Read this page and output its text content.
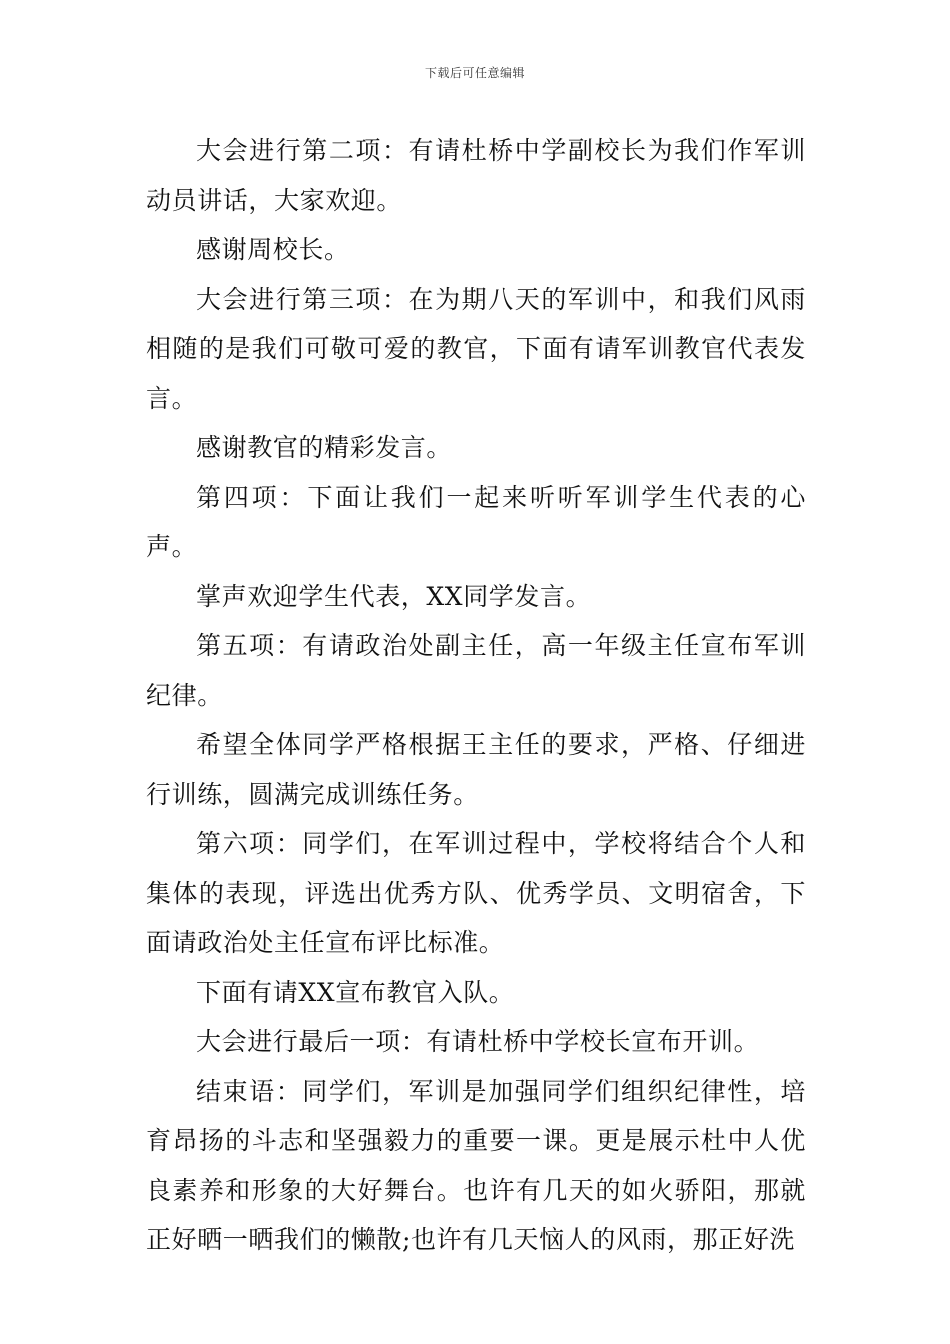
下载后可任意编辑

大会进行第二项：有请杜桥中学副校长为我们作军训动员讲话，大家欢迎。

感谢周校长。

大会进行第三项：在为期八天的军训中，和我们风雨相随的是我们可敬可爱的教官，下面有请军训教官代表发言。

感谢教官的精彩发言。

第四项：下面让我们一起来听听军训学生代表的心声。

掌声欢迎学生代表，XX同学发言。

第五项：有请政治处副主任，高一年级主任宣布军训纪律。

希望全体同学严格根据王主任的要求，严格、仔细进行训练，圆满完成训练任务。

第六项：同学们，在军训过程中，学校将结合个人和集体的表现，评选出优秀方队、优秀学员、文明宿舍，下面请政治处主任宣布评比标准。

下面有请XX宣布教官入队。

大会进行最后一项：有请杜桥中学校长宣布开训。

结束语：同学们，军训是加强同学们组织纪律性，培育昂扬的斗志和坚强毅力的重要一课。更是展示杜中人优良素养和形象的大好舞台。也许有几天的如火骄阳，那就正好晒一晒我们的懒散;也许有几天恼人的风雨，那正好洗
